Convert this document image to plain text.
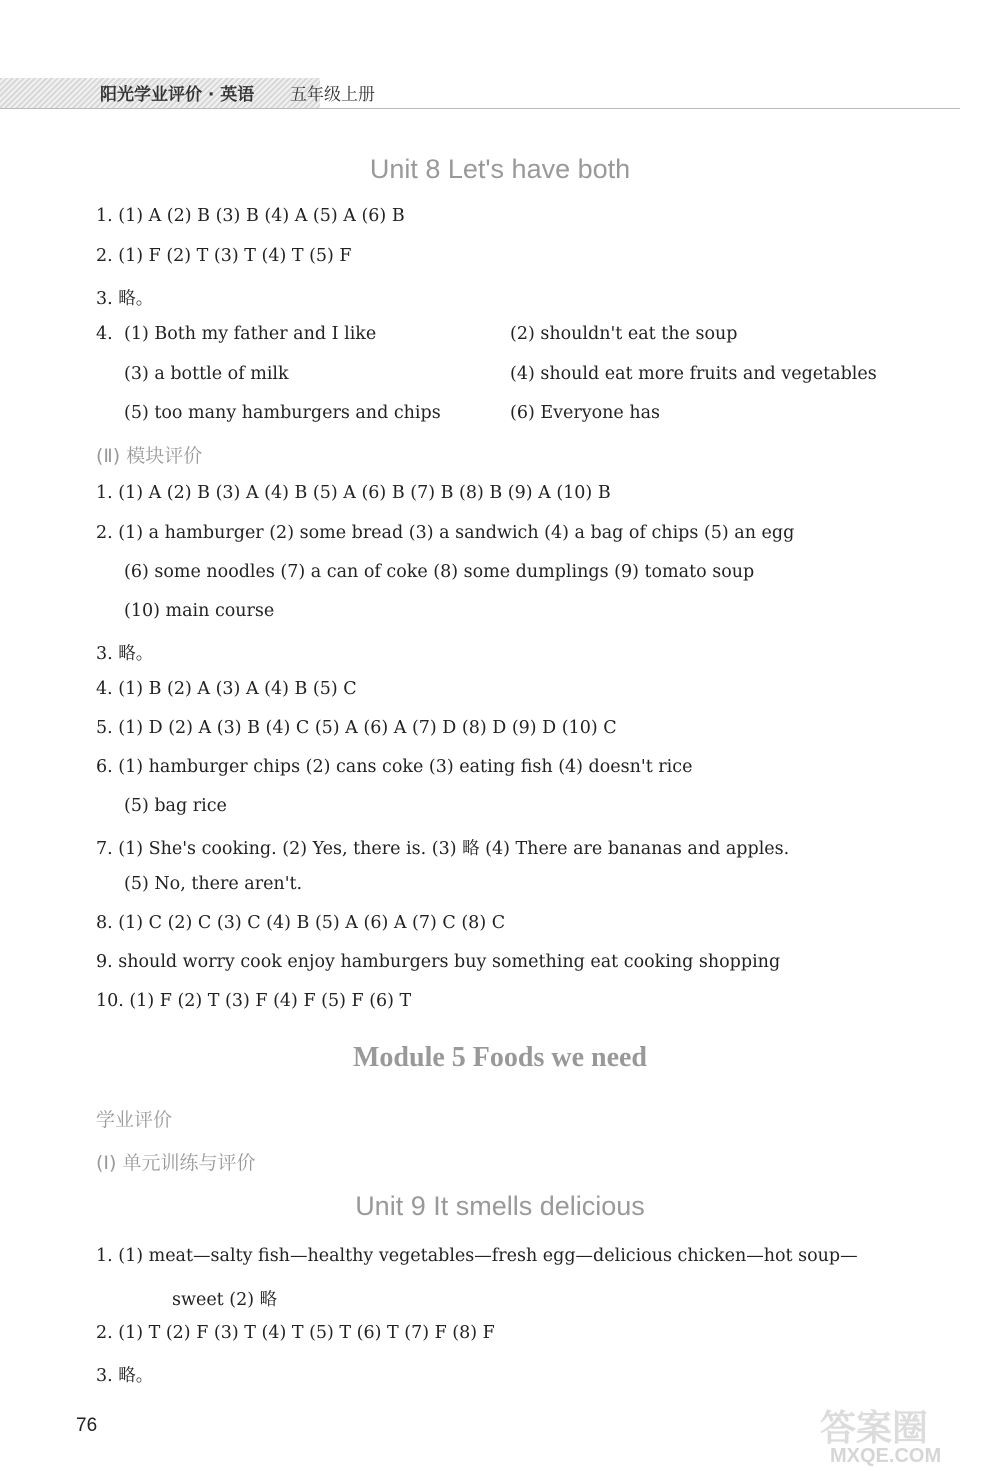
阳光学业评价 · 英语 五年级上册
Unit 8 Let's have both
1. (1) A (2) B (3) B (4) A (5) A (6) B
2. (1) F (2) T (3) T (4) T (5) F
3. 略。
4. (1) Both my father and I like	(2) shouldn't eat the soup
(3) a bottle of milk	(4) should eat more fruits and vegetables
(5) too many hamburgers and chips	(6) Everyone has
(Ⅱ) 模块评价
1. (1) A (2) B (3) A (4) B (5) A (6) B (7) B (8) B (9) A (10) B
2. (1) a hamburger (2) some bread (3) a sandwich (4) a bag of chips (5) an egg
(6) some noodles (7) a can of coke (8) some dumplings (9) tomato soup
(10) main course
3. 略。
4. (1) B (2) A (3) A (4) B (5) C
5. (1) D (2) A (3) B (4) C (5) A (6) A (7) D (8) D (9) D (10) C
6. (1) hamburger chips (2) cans coke (3) eating fish (4) doesn't rice
(5) bag rice
7. (1) She's cooking. (2) Yes, there is. (3) 略 (4) There are bananas and apples.
(5) No, there aren't.
8. (1) C (2) C (3) C (4) B (5) A (6) A (7) C (8) C
9. should worry cook enjoy hamburgers buy something eat cooking shopping
10. (1) F (2) T (3) F (4) F (5) F (6) T
Module 5 Foods we need
学业评价
(Ⅰ) 单元训练与评价
Unit 9 It smells delicious
1. (1) meat—salty fish—healthy vegetables—fresh egg—delicious chicken—hot soup—
sweet (2) 略
2. (1) T (2) F (3) T (4) T (5) T (6) T (7) F (8) F
3. 略。
76	答案圈
MXQE.COM
